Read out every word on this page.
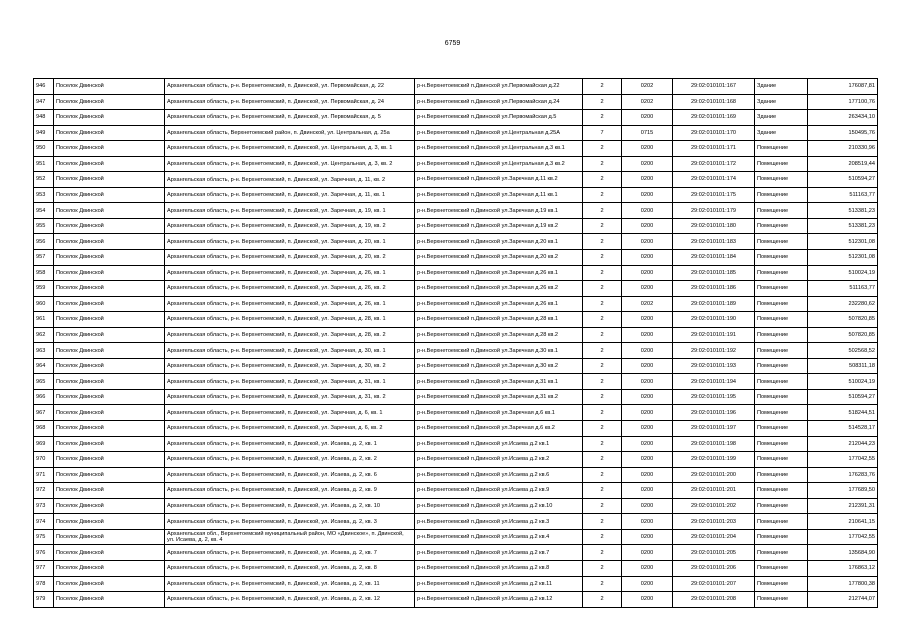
6759
946	Поселок Двинской	Архангельская область, р-н. Верхнетоемский, п. Двинской, ул. Первомайская, д. 22	р-н.Верхнетоемский п.Двинской ул.Первомайская д.22	2	0202	29:02:010101:167	Здание	176087,81
947	Поселок Двинской	Архангельская область, р-н. Верхнетоемский, п. Двинской, ул. Первомайская, д. 24	р-н.Верхнетоемский п.Двинской ул.Первомайская д.24	2	0202	29:02:010101:168	Здание	177100,76
948	Поселок Двинской	Архангельская область, р-н. Верхнетоемский, п. Двинской, ул. Первомайская, д. 5	р-н.Верхнетоемский п.Двинской ул.Первомайская д.5	2	0200	29:02:010101:169	Здание	263434,10
949	Поселок Двинской	Архангельская область, Верхнетоемский район, п. Двинской, ул. Центральная, д. 25а	р-н.Верхнетоемский п.Двинской ул.Центральная д.25А	7	0715	29:02:010101:170	Здание	150495,76
950	Поселок Двинской	Архангельская область, р-н. Верхнетоемский, п. Двинской, ул. Центральная, д. 3, кв. 1	р-н.Верхнетоемский п.Двинской ул.Центральная д.3 кв.1	2	0200	29:02:010101:171	Помещение	210330,96
951	Поселок Двинской	Архангельская область, р-н. Верхнетоемский, п. Двинской, ул. Центральная, д. 3, кв. 2	р-н.Верхнетоемский п.Двинской ул.Центральная д.3 кв.2	2	0200	29:02:010101:172	Помещение	208519,44
952	Поселок Двинской	Архангельская область, р-н. Верхнетоемский, п. Двинской, ул. Заречная, д. 11, кв. 2	р-н.Верхнетоемский п.Двинской ул.Заречная д.11 кв.2	2	0200	29:02:010101:174	Помещение	510594,27
953	Поселок Двинской	Архангельская область, р-н. Верхнетоемский, п. Двинской, ул. Заречная, д. 11, кв. 1	р-н.Верхнетоемский п.Двинской ул.Заречная д.11 кв.1	2	0200	29:02:010101:175	Помещение	511163,77
954	Поселок Двинской	Архангельская область, р-н. Верхнетоемский, п. Двинской, ул. Заречная, д. 19, кв. 1	р-н.Верхнетоемский п.Двинской ул.Заречная д.19 кв.1	2	0200	29:02:010101:179	Помещение	513381,23
955	Поселок Двинской	Архангельская область, р-н. Верхнетоемский, п. Двинской, ул. Заречная, д. 19, кв. 2	р-н.Верхнетоемский п.Двинской ул.Заречная д.19 кв.2	2	0200	29:02:010101:180	Помещение	513381,23
956	Поселок Двинской	Архангельская область, р-н. Верхнетоемский, п. Двинской, ул. Заречная, д. 20, кв. 1	р-н.Верхнетоемский п.Двинской ул.Заречная д.20 кв.1	2	0200	29:02:010101:183	Помещение	512301,08
957	Поселок Двинской	Архангельская область, р-н. Верхнетоемский, п. Двинской, ул. Заречная, д. 20, кв. 2	р-н.Верхнетоемский п.Двинской ул.Заречная д.20 кв.2	2	0200	29:02:010101:184	Помещение	512301,08
958	Поселок Двинской	Архангельская область, р-н. Верхнетоемский, п. Двинской, ул. Заречная, д. 26, кв. 1	р-н.Верхнетоемский п.Двинской ул.Заречная д.26 кв.1	2	0200	29:02:010101:185	Помещение	510024,19
959	Поселок Двинской	Архангельская область, р-н. Верхнетоемский, п. Двинской, ул. Заречная, д. 26, кв. 2	р-н.Верхнетоемский п.Двинской ул.Заречная д.26 кв.2	2	0200	29:02:010101:186	Помещение	511163,77
960	Поселок Двинской	Архангельская область, р-н. Верхнетоемский, п. Двинской, ул. Заречная, д. 26, кв. 1	р-н.Верхнетоемский п.Двинской ул.Заречная д.26 кв.1	2	0202	29:02:010101:189	Помещение	232280,62
961	Поселок Двинской	Архангельская область, р-н. Верхнетоемский, п. Двинской, ул. Заречная, д. 28, кв. 1	р-н.Верхнетоемский п.Двинской ул.Заречная д.28 кв.1	2	0200	29:02:010101:190	Помещение	507820,85
962	Поселок Двинской	Архангельская область, р-н. Верхнетоемский, п. Двинской, ул. Заречная, д. 28, кв. 2	р-н.Верхнетоемский п.Двинской ул.Заречная д.28 кв.2	2	0200	29:02:010101:191	Помещение	507820,85
963	Поселок Двинской	Архангельская область, р-н. Верхнетоемский, п. Двинской, ул. Заречная, д. 30, кв. 1	р-н.Верхнетоемский п.Двинской ул.Заречная д.30 кв.1	2	0200	29:02:010101:192	Помещение	502568,52
964	Поселок Двинской	Архангельская область, р-н. Верхнетоемский, п. Двинской, ул. Заречная, д. 30, кв. 2	р-н.Верхнетоемский п.Двинской ул.Заречная д.30 кв.2	2	0200	29:02:010101:193	Помещение	508311,18
965	Поселок Двинской	Архангельская область, р-н. Верхнетоемский, п. Двинской, ул. Заречная, д. 31, кв. 1	р-н.Верхнетоемский п.Двинской ул.Заречная д.31 кв.1	2	0200	29:02:010101:194	Помещение	510024,19
966	Поселок Двинской	Архангельская область, р-н. Верхнетоемский, п. Двинской, ул. Заречная, д. 31, кв. 2	р-н.Верхнетоемский п.Двинской ул.Заречная д.31 кв.2	2	0200	29:02:010101:195	Помещение	510594,27
967	Поселок Двинской	Архангельская область, р-н. Верхнетоемский, п. Двинской, ул. Заречная, д. 6, кв. 1	р-н.Верхнетоемский п.Двинской ул.Заречная д.6 кв.1	2	0200	29:02:010101:196	Помещение	518244,51
968	Поселок Двинской	Архангельская область, р-н. Верхнетоемский, п. Двинской, ул. Заречная, д. 6, кв. 2	р-н.Верхнетоемский п.Двинской ул.Заречная д.6 кв.2	2	0200	29:02:010101:197	Помещение	514528,17
969	Поселок Двинской	Архангельская область, р-н. Верхнетоемский, п. Двинской, ул. Исаева, д. 2, кв. 1	р-н.Верхнетоемский п.Двинской ул.Исаева д.2 кв.1	2	0200	29:02:010101:198	Помещение	212044,23
970	Поселок Двинской	Архангельская область, р-н. Верхнетоемский, п. Двинской, ул. Исаева, д. 2, кв. 2	р-н.Верхнетоемский п.Двинской ул.Исаева д.2 кв.2	2	0200	29:02:010101:199	Помещение	177042,55
971	Поселок Двинской	Архангельская область, р-н. Верхнетоемский, п. Двинской, ул. Исаева, д. 2, кв. 6	р-н.Верхнетоемский п.Двинской ул.Исаева д.2 кв.6	2	0200	29:02:010101:200	Помещение	176283,76
972	Поселок Двинской	Архангельская область, р-н. Верхнетоемский, п. Двинской, ул. Исаева, д. 2, кв. 9	р-н.Верхнетоемский п.Двинской ул.Исаева д.2 кв.9	2	0200	29:02:010101:201	Помещение	177689,50
973	Поселок Двинской	Архангельская область, р-н. Верхнетоемский, п. Двинской, ул. Исаева, д. 2, кв. 10	р-н.Верхнетоемский п.Двинской ул.Исаева д.2 кв.10	2	0200	29:02:010101:202	Помещение	212391,31
974	Поселок Двинской	Архангельская область, р-н. Верхнетоемский, п. Двинской, ул. Исаева, д. 2, кв. 3	р-н.Верхнетоемский п.Двинской ул.Исаева д.2 кв.3	2	0200	29:02:010101:203	Помещение	210641,15
975	Поселок Двинской	Архангельская обл., Верхнетоемский муниципальный район, МО «Двинское», п. Двинской, ул. Исаева, д. 2, кв. 4	р-н.Верхнетоемский п.Двинской ул.Исаева д.2 кв.4	2	0200	29:02:010101:204	Помещение	177042,55
976	Поселок Двинской	Архангельская область, р-н. Верхнетоемский, п. Двинской, ул. Исаева, д. 2, кв. 7	р-н.Верхнетоемский п.Двинской ул.Исаева д.2 кв.7	2	0200	29:02:010101:205	Помещение	135684,90
977	Поселок Двинской	Архангельская область, р-н. Верхнетоемский, п. Двинской, ул. Исаева, д. 2, кв. 8	р-н.Верхнетоемский п.Двинской ул.Исаева д.2 кв.8	2	0200	29:02:010101:206	Помещение	176863,12
978	Поселок Двинской	Архангельская область, р-н. Верхнетоемский, п. Двинской, ул. Исаева, д. 2, кв. 11	р-н.Верхнетоемский п.Двинской ул.Исаева д.2 кв.11	2	0200	29:02:010101:207	Помещение	177800,38
979	Поселок Двинской	Архангельская область, р-н. Верхнетоемский, п. Двинской, ул. Исаева, д. 2, кв. 12	р-н.Верхнетоемский п.Двинской ул.Исаева д.2 кв.12	2	0200	29:02:010101:208	Помещение	212744,07
